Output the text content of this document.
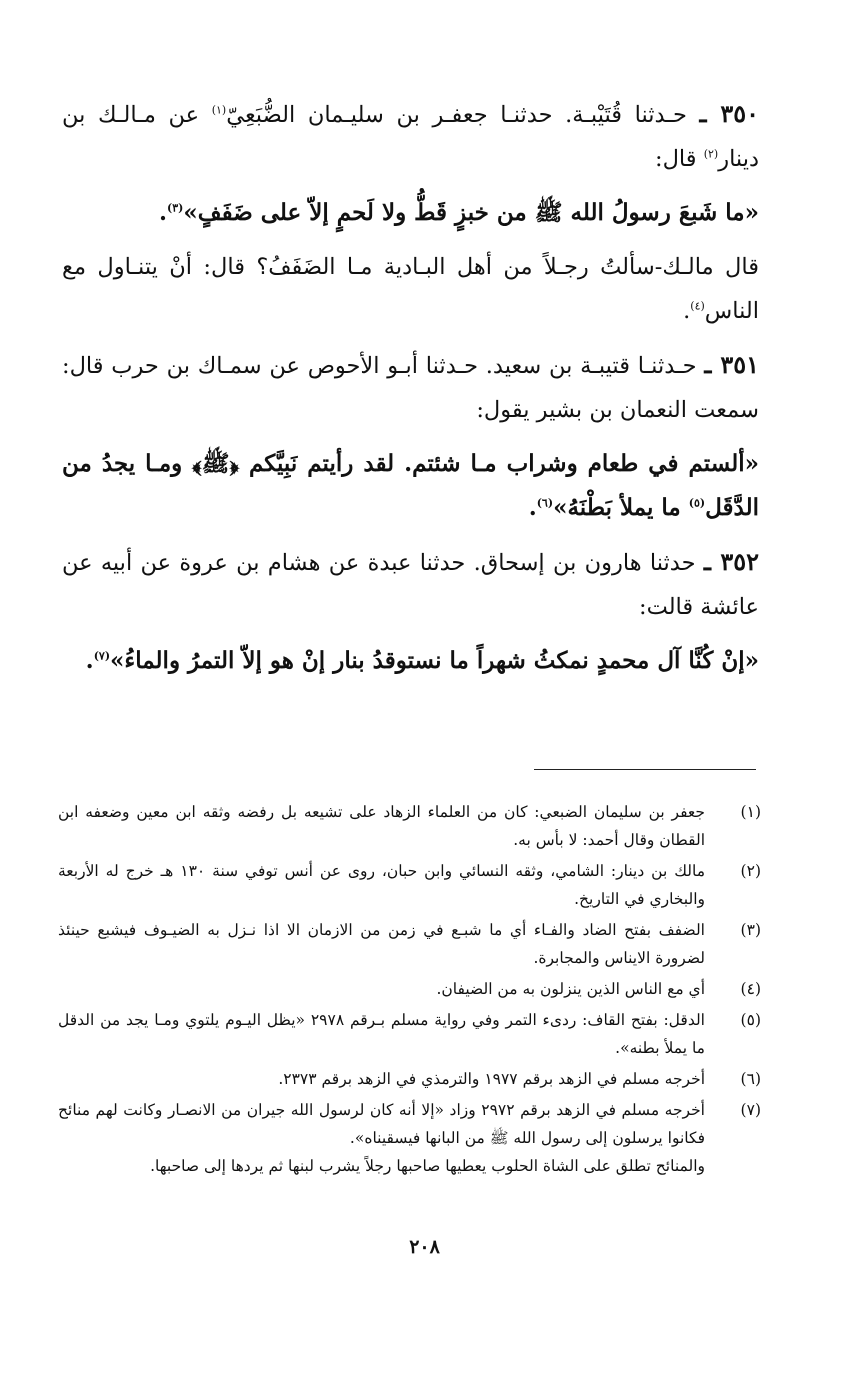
٣٥٠ ـ حـدثنا قُتَيْبـة. حدثنـا جعفـر بن سليـمان الضُّبَعِيّ$^{(١)}$ عن مـالـك بن دينار$^{(٢)}$ قال:

«ما شَبعَ رسولُ الله ﷺ من خبزٍ قَطُّ ولا لَحمٍ إلاّ على ضَفَفٍ»$^{(٣)}$.

قال مالـك-سألتُ رجـلاً من أهل البـادية مـا الضَفَفُ؟ قال: أنْ يتنـاول مع الناس$^{(٤)}$.

٣٥١ ـ حـدثنـا قتيبـة بن سعيد. حـدثنا أبـو الأحوص عن سمـاك بن حرب قال: سمعت النعمان بن بشير يقول:

«ألستم في طعام وشراب مـا شئتم. لقد رأيتم نَبِيَّكم ﴿ﷺ﴾ ومـا يجدُ من الدَّقَل$^{(٥)}$ ما يملأ بَطْنَهُ»$^{(٦)}$.

٣٥٢ ـ حدثنا هارون بن إسحاق. حدثنا عبدة عن هشام بن عروة عن أبيه عن عائشة قالت:

«إنْ كُنَّا آل محمدٍ نمكثُ شهراً ما نستوقدُ بنار إنْ هو إلاّ التمرُ والماءُ»$^{(٧)}$.

(١)
جعفر بن سليمان الضبعي: كان من العلماء الزهاد على تشيعه بل رفضه وثقه ابن معين وضعفه ابن القطان وقال أحمد: لا بأس به.
(٢)
مالك بن دينار: الشامي، وثقه النسائي وابن حبان، روى عن أنس توفي سنة ١٣٠ هـ خرج له الأربعة والبخاري في التاريخ.
(٣)
الضفف بفتح الضاد والفـاء أي ما شبـع في زمن من الازمان الا اذا نـزل به الضيـوف فيشبع حينئذ لضرورة الايناس والمجابرة.
(٤)
أي مع الناس الذين ينزلون به من الضيفان.
(٥)
الدقل: بفتح القاف: ردىء التمر وفي رواية مسلم بـرقم ٢٩٧٨ «يظل اليـوم يلتوي ومـا يجد من الدقل ما يملأ بطنه».
(٦)
أخرجه مسلم في الزهد برقم ١٩٧٧ والترمذي في الزهد برقم ٢٣٧٣.
(٧)
أخرجه مسلم في الزهد برقم ٢٩٧٢ وزاد «إلا أنه كان لرسول الله جيران من الانصـار وكانت لهم منائح فكانوا يرسلون إلى رسول الله ﷺ من البانها فيسقيناه».
والمنائح تطلق على الشاة الحلوب يعطيها صاحبها رجلاً يشرب لبنها ثم يردها إلى صاحبها.
٢٠٨
